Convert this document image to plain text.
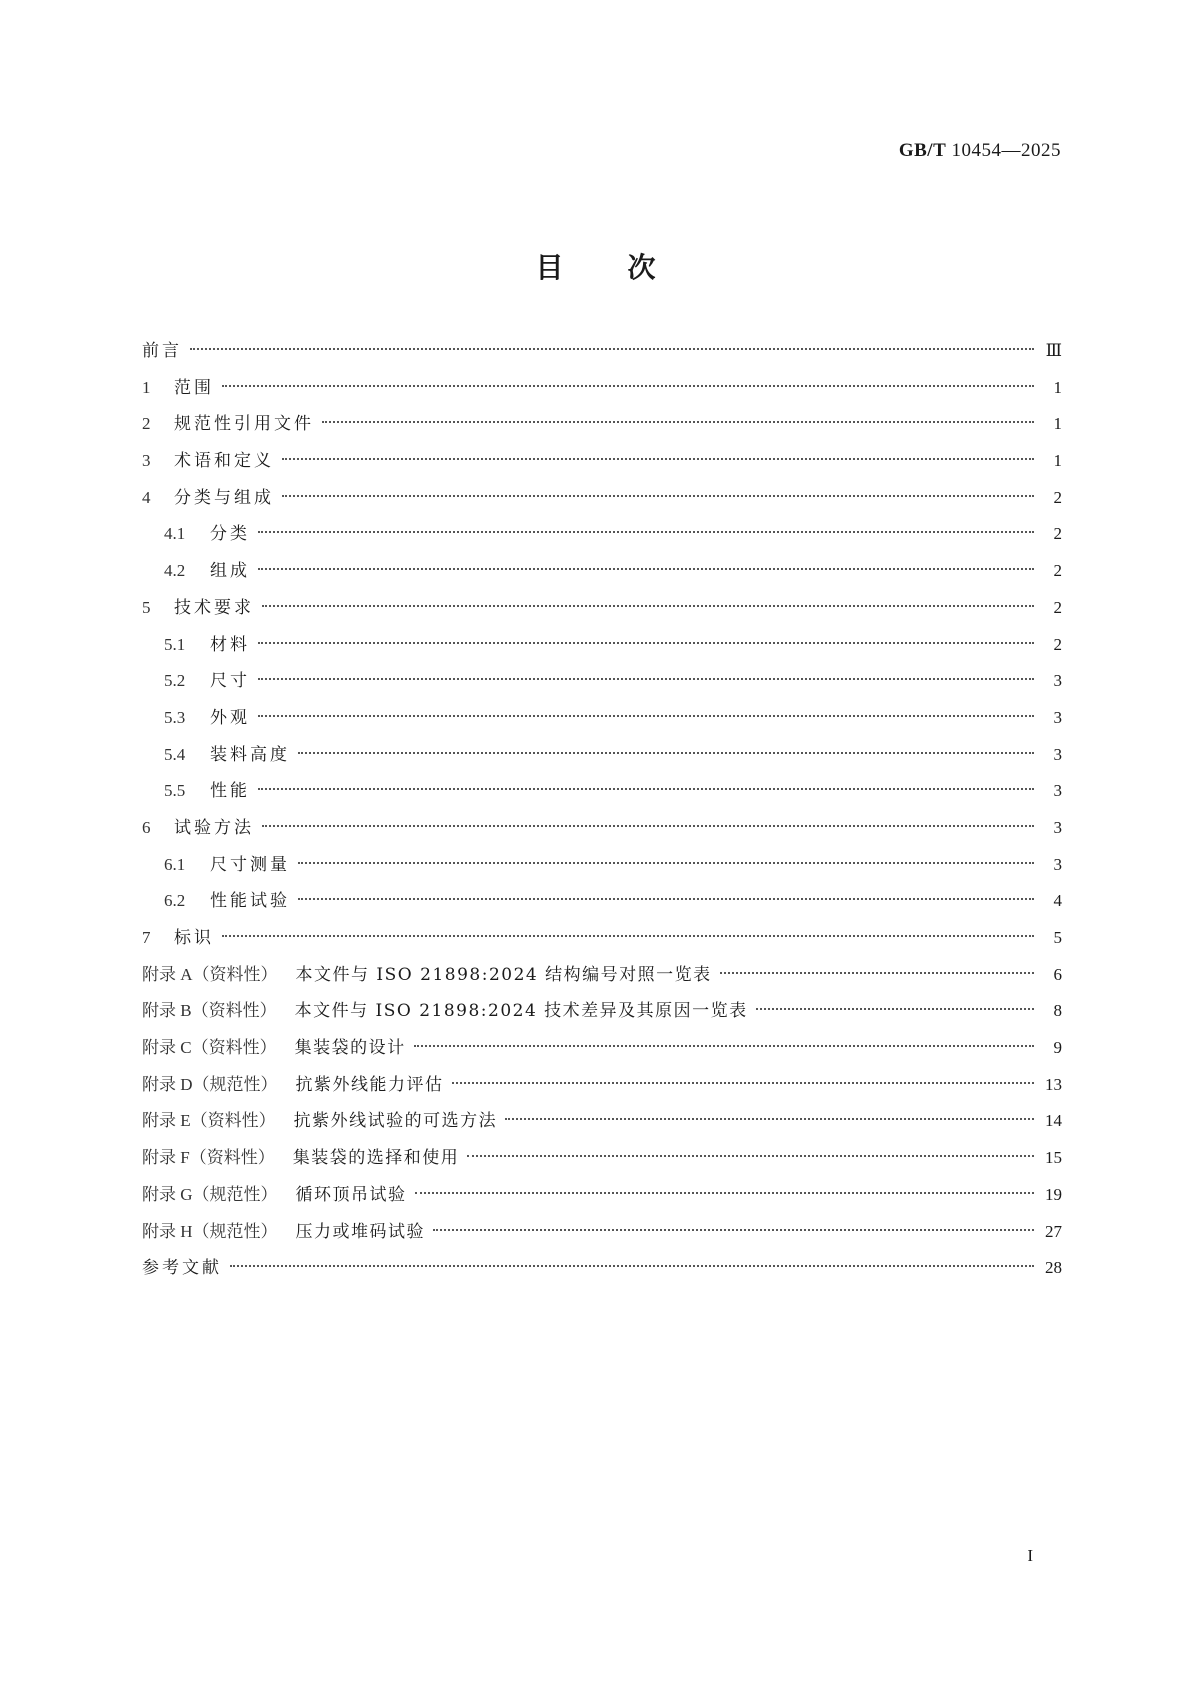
GB/T 10454—2025
目次
前言	Ⅲ
1	范围	1
2	规范性引用文件	1
3	术语和定义	1
4	分类与组成	2
4.1	分类	2
4.2	组成	2
5	技术要求	2
5.1	材料	2
5.2	尺寸	3
5.3	外观	3
5.4	装料高度	3
5.5	性能	3
6	试验方法	3
6.1	尺寸测量	3
6.2	性能试验	4
7	标识	5
附录 A（资料性） 本文件与 ISO 21898:2024 结构编号对照一览表	6
附录 B（资料性） 本文件与 ISO 21898:2024 技术差异及其原因一览表	8
附录 C（资料性） 集装袋的设计	9
附录 D（规范性） 抗紫外线能力评估	13
附录 E（资料性） 抗紫外线试验的可选方法	14
附录 F（资料性） 集装袋的选择和使用	15
附录 G（规范性） 循环顶吊试验	19
附录 H（规范性） 压力或堆码试验	27
参考文献	28
I
